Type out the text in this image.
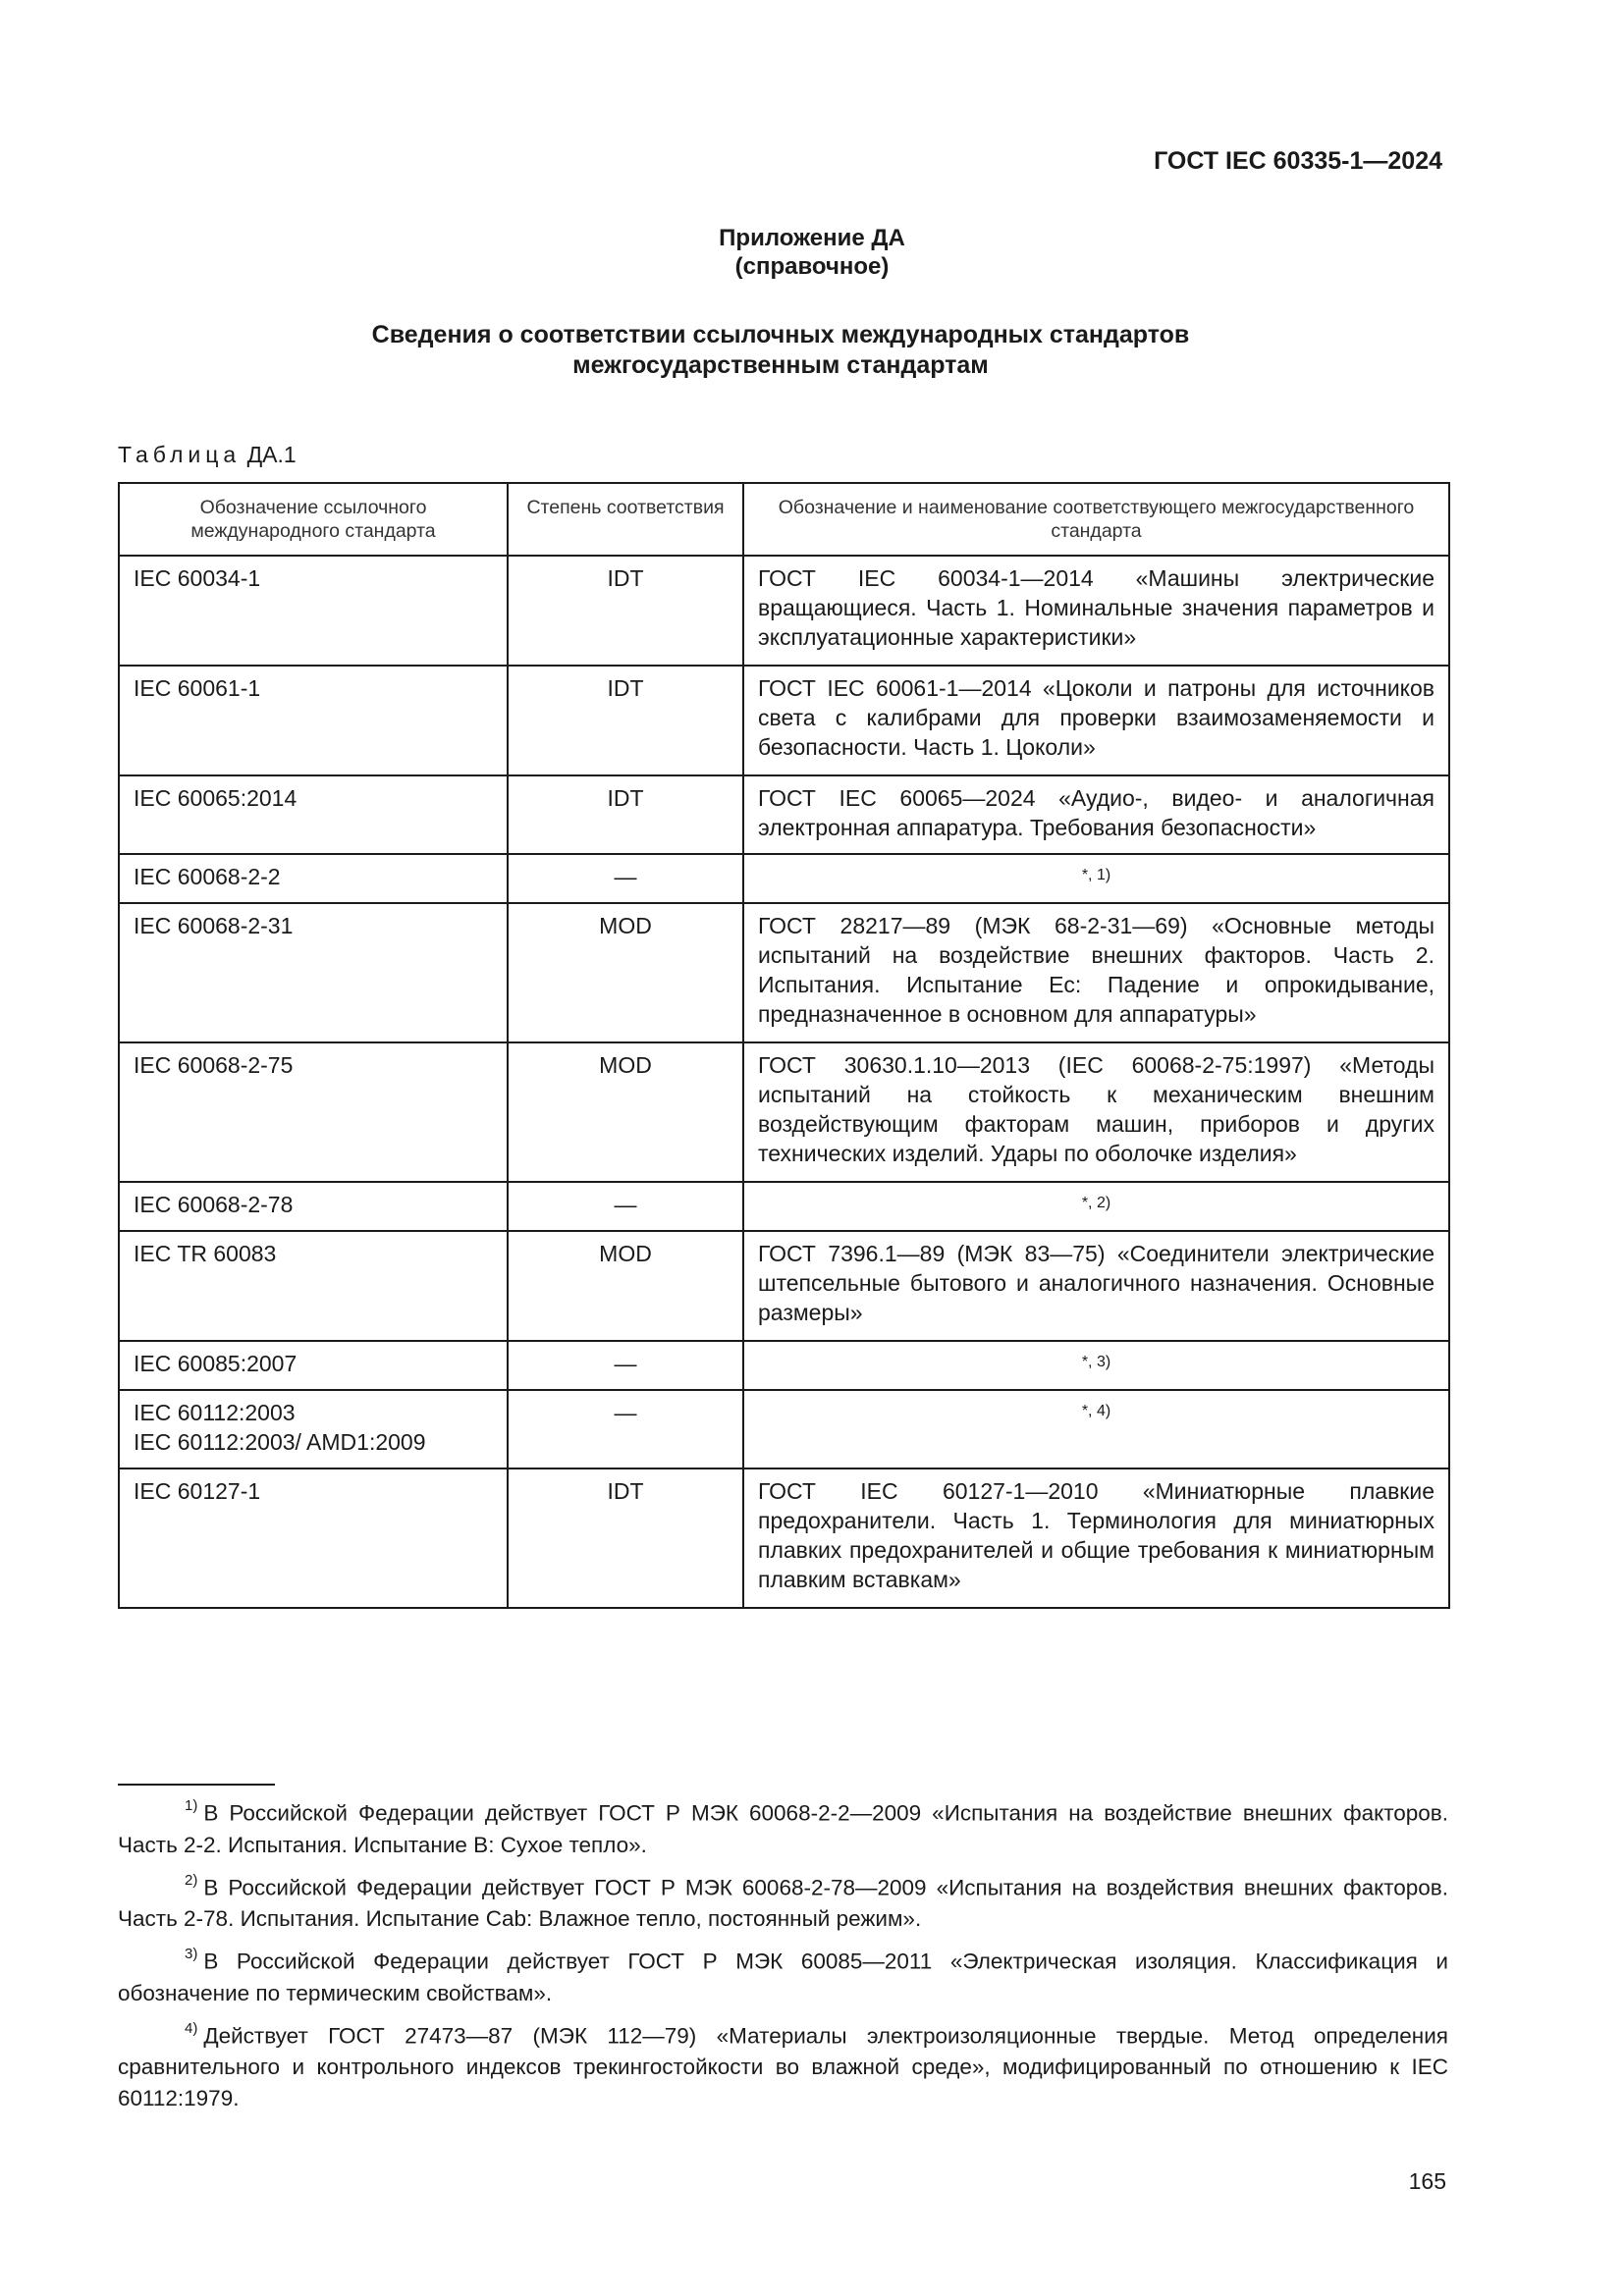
ГОСТ IEC 60335-1—2024
Приложение ДА
(справочное)
Сведения о соответствии ссылочных международных стандартов
межгосударственным стандартам
Таблица ДА.1
Обозначение ссылочного международного стандарта	Степень соответствия	Обозначение и наименование соответствующего межгосударственного стандарта

IEC 60034-1	IDT	ГОСТ IEC 60034-1—2014 «Машины электрические вращающиеся. Часть 1. Номинальные значения параметров и эксплуатационные характеристики»

IEC 60061-1	IDT	ГОСТ IEC 60061-1—2014 «Цоколи и патроны для источников света с калибрами для проверки взаимозаменяемости и безопасности. Часть 1. Цоколи»

IEC 60065:2014	IDT	ГОСТ IEC 60065—2024 «Аудио-, видео- и аналогичная электронная аппаратура. Требования безопасности»

IEC 60068-2-2	—	$^{*, 1)}$

IEC 60068-2-31	MOD	ГОСТ 28217—89 (МЭК 68-2-31—69) «Основные методы испытаний на воздействие внешних факторов. Часть 2. Испытания. Испытание Ec: Падение и опрокидывание, предназначенное в основном для аппаратуры»

IEC 60068-2-75	MOD	ГОСТ 30630.1.10—2013 (IEC 60068-2-75:1997) «Методы испытаний на стойкость к механическим внешним воздействующим факторам машин, приборов и других технических изделий. Удары по оболочке изделия»

IEC 60068-2-78	—	$^{*, 2)}$

IEC TR 60083	MOD	ГОСТ 7396.1—89 (МЭК 83—75) «Соединители электрические штепсельные бытового и аналогичного назначения. Основные размеры»

IEC 60085:2007	—	$^{*, 3)}$

IEC 60112:2003
IEC 60112:2003/ AMD1:2009	—	$^{*, 4)}$

IEC 60127-1	IDT	ГОСТ IEC 60127-1—2010 «Миниатюрные плавкие предохранители. Часть 1. Терминология для миниатюрных плавких предохранителей и общие требования к миниатюрным плавким вставкам»
$^{1)}$ В Российской Федерации действует ГОСТ Р МЭК 60068-2-2—2009 «Испытания на воздействие внешних факторов. Часть 2-2. Испытания. Испытание B: Сухое тепло».
$^{2)}$ В Российской Федерации действует ГОСТ Р МЭК 60068-2-78—2009 «Испытания на воздействия внешних факторов. Часть 2-78. Испытания. Испытание Cab: Влажное тепло, постоянный режим».
$^{3)}$ В Российской Федерации действует ГОСТ Р МЭК 60085—2011 «Электрическая изоляция. Классификация и обозначение по термическим свойствам».
$^{4)}$ Действует ГОСТ 27473—87 (МЭК 112—79) «Материалы электроизоляционные твердые. Метод определения сравнительного и контрольного индексов трекингостойкости во влажной среде», модифицированный по отношению к IEC 60112:1979.
165
